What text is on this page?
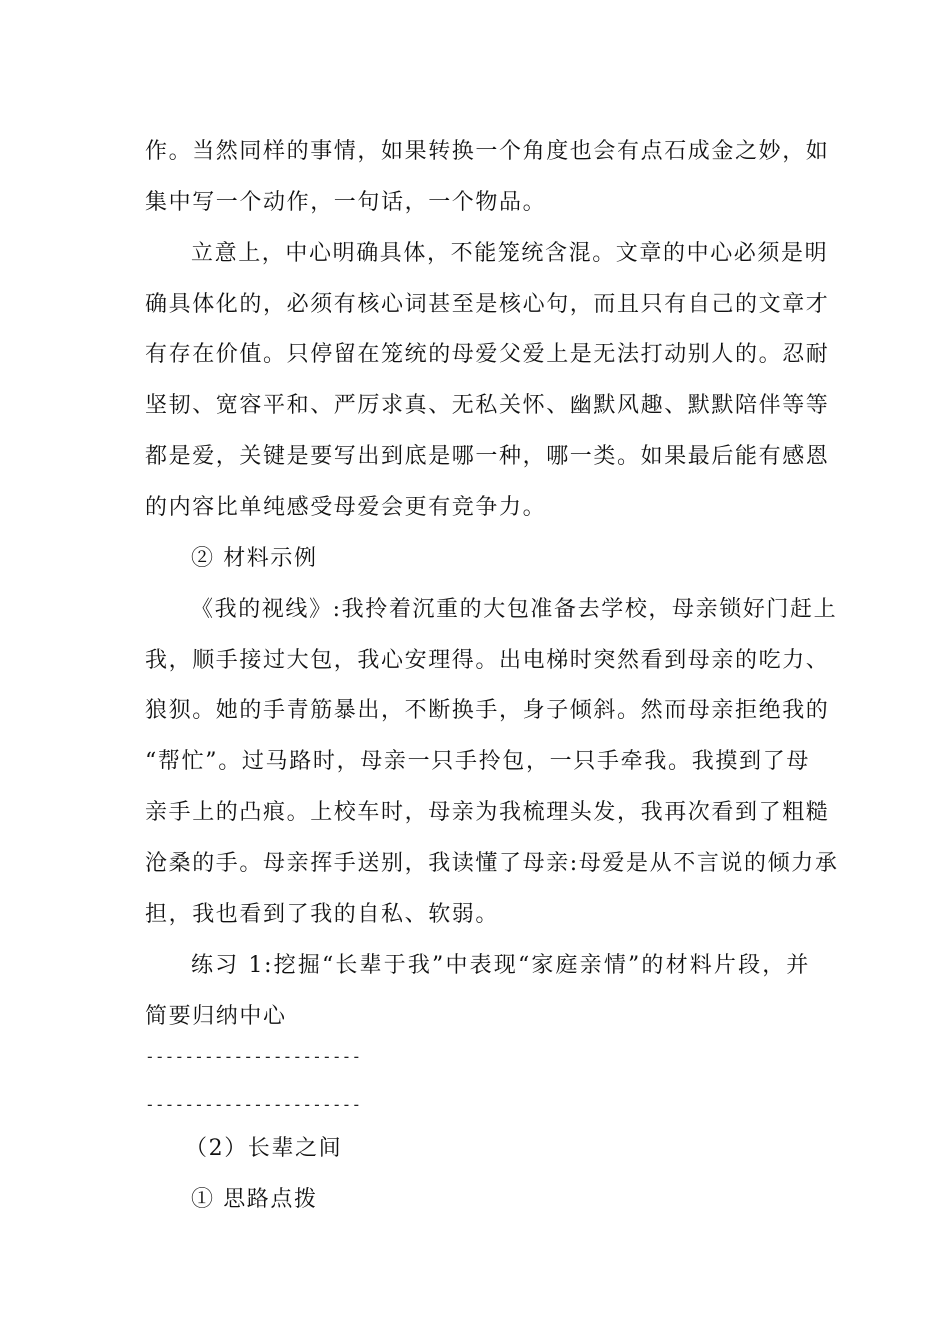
作。当然同样的事情，如果转换一个角度也会有点石成金之妙，如
集中写一个动作，一句话，一个物品。
立意上，中心明确具体，不能笼统含混。文章的中心必须是明
确具体化的，必须有核心词甚至是核心句，而且只有自己的文章才
有存在价值。只停留在笼统的母爱父爱上是无法打动别人的。忍耐
坚韧、宽容平和、严厉求真、无私关怀、幽默风趣、默默陪伴等等
都是爱，关键是要写出到底是哪一种，哪一类。如果最后能有感恩
的内容比单纯感受母爱会更有竞争力。
② 材料示例
《我的视线》:我拎着沉重的大包准备去学校，母亲锁好门赶上
我，顺手接过大包，我心安理得。出电梯时突然看到母亲的吃力、
狼狈。她的手青筋暴出，不断换手，身子倾斜。然而母亲拒绝我的
“帮忙”。过马路时，母亲一只手拎包，一只手牵我。我摸到了母
亲手上的凸痕。上校车时，母亲为我梳理头发，我再次看到了粗糙
沧桑的手。母亲挥手送别，我读懂了母亲:母爱是从不言说的倾力承
担，我也看到了我的自私、软弱。
练习 1:挖掘“长辈于我”中表现“家庭亲情”的材料片段，并
简要归纳中心
----------------------
----------------------
（2）长辈之间
① 思路点拨
